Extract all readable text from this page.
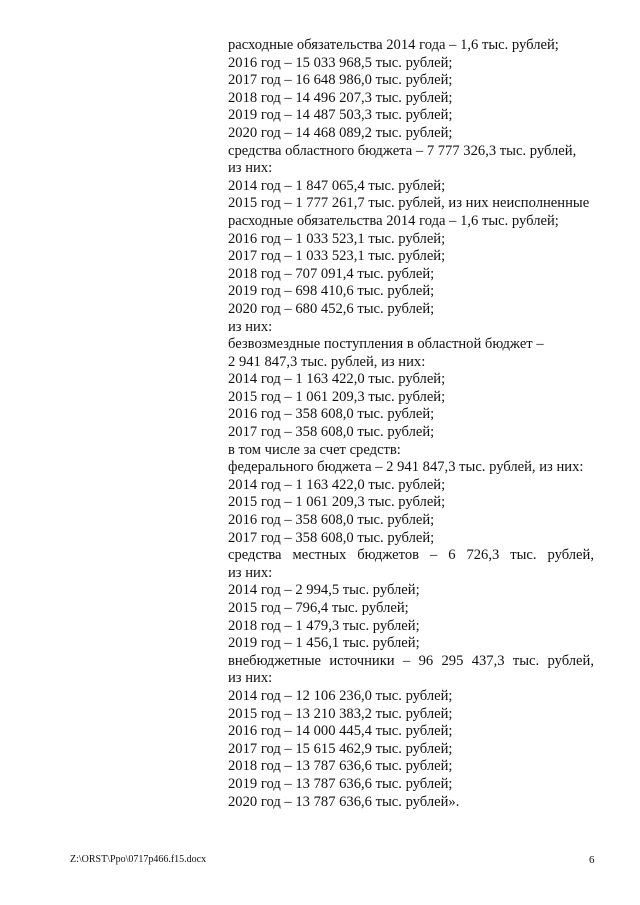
расходные обязательства 2014 года – 1,6 тыс. рублей;
2016 год – 15 033 968,5 тыс. рублей;
2017 год – 16 648 986,0 тыс. рублей;
2018 год – 14 496 207,3 тыс. рублей;
2019 год – 14 487 503,3 тыс. рублей;
2020 год – 14 468 089,2 тыс. рублей;
средства областного бюджета – 7 777 326,3 тыс. рублей,
из них:
2014 год – 1 847 065,4 тыс. рублей;
2015 год – 1 777 261,7 тыс. рублей, из них неисполненные
расходные обязательства 2014 года – 1,6 тыс. рублей;
2016 год – 1 033 523,1 тыс. рублей;
2017 год – 1 033 523,1 тыс. рублей;
2018 год – 707 091,4 тыс. рублей;
2019 год – 698 410,6 тыс. рублей;
2020 год – 680 452,6 тыс. рублей;
из них:
безвозмездные поступления в областной бюджет –
2 941 847,3 тыс. рублей, из них:
2014 год – 1 163 422,0 тыс. рублей;
2015 год – 1 061 209,3 тыс. рублей;
2016 год – 358 608,0 тыс. рублей;
2017 год – 358 608,0 тыс. рублей;
в том числе за счет средств:
федерального бюджета – 2 941 847,3 тыс. рублей, из них:
2014 год – 1 163 422,0 тыс. рублей;
2015 год – 1 061 209,3 тыс. рублей;
2016 год – 358 608,0 тыс. рублей;
2017 год – 358 608,0 тыс. рублей;
средства местных бюджетов – 6 726,3 тыс. рублей,
из них:
2014 год – 2 994,5 тыс. рублей;
2015 год – 796,4 тыс. рублей;
2018 год – 1 479,3 тыс. рублей;
2019 год – 1 456,1 тыс. рублей;
внебюджетные источники – 96 295 437,3 тыс. рублей,
из них:
2014 год – 12 106 236,0 тыс. рублей;
2015 год – 13 210 383,2 тыс. рублей;
2016 год – 14 000 445,4 тыс. рублей;
2017 год – 15 615 462,9 тыс. рублей;
2018 год – 13 787 636,6 тыс. рублей;
2019 год – 13 787 636,6 тыс. рублей;
2020 год – 13 787 636,6 тыс. рублей».
Z:\ORST\Ppo\0717p466.f15.docx	6
